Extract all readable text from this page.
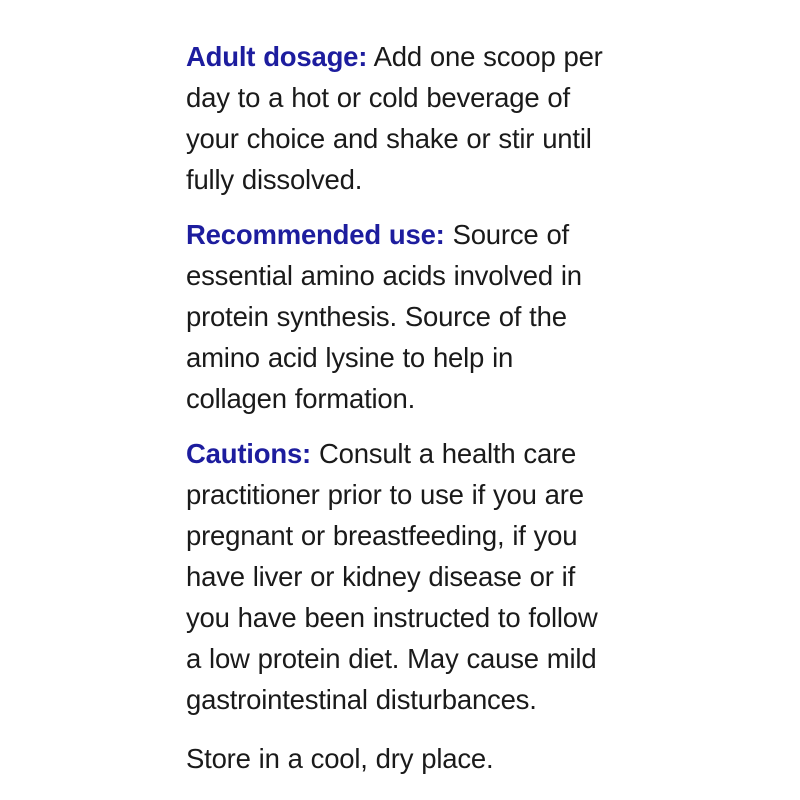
Adult dosage: Add one scoop per day to a hot or cold beverage of your choice and shake or stir until fully dissolved.

Recommended use: Source of essential amino acids involved in protein synthesis. Source of the amino acid lysine to help in collagen formation.

Cautions: Consult a health care practitioner prior to use if you are pregnant or breastfeeding, if you have liver or kidney disease or if you have been instructed to follow a low protein diet. May cause mild gastrointestinal disturbances.

Store in a cool, dry place.
